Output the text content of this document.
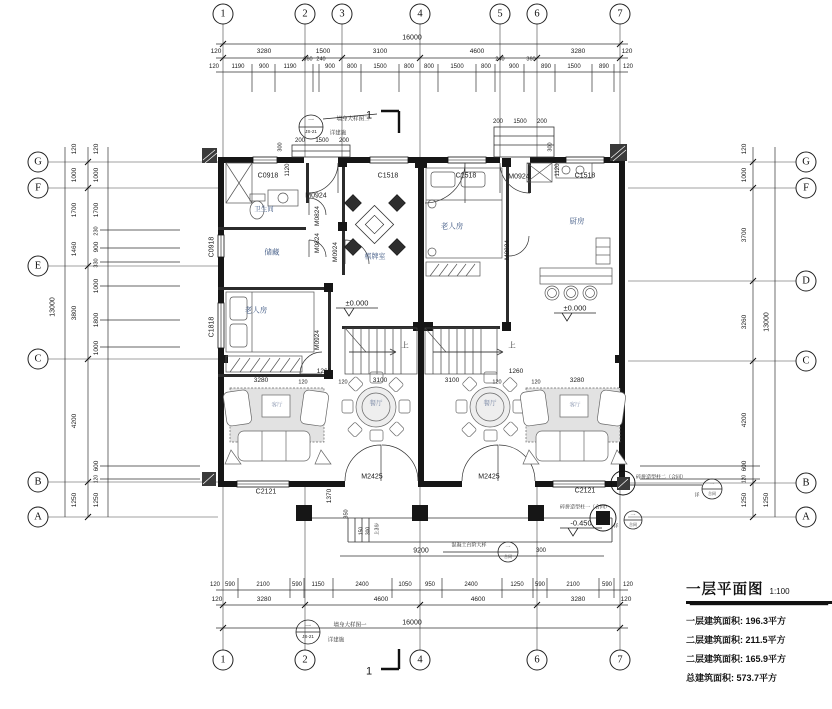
1	2	3	4	5	6	7
1	2	4	6	7
G
F
E
C
B
A
G
F
D
C
B
A
16000
120	3280	1500	3100	4600	3280	120
120 1190 900 1190
360 240
900 800	1500	800 800	1500	800
240	360
900	890	1500	890 120
9200	300
120 590	2100	590 1150	2400	1050 950	2400	1250 590	2100	590 120
120	3280	4600	4600	3280	120
16000
13000
120
1000
1700
1460
3800
4200
1250
120
1000
1700
230
900
330
1000
1800
1000
600
120
1250
120
1000
3700
3260
4200
600
120
1250
13000
1250
3280	120
1260
120	3100	3100	120
1260
120	3280
1370
350
150 300 上3步
200 1500 200
300
1120
200 1500 200
300
1120
C0918	C1518	C1518	C1518
M0924
M0924
M0824
M0824 M0924
M0924
M0924
M2425	M2425
C2121	C2121
C0918
C1818
卫生间
储藏
老人房
棋牌室
老人房
厨房
餐厅	餐厅
客厅	客厅
±0.000
±0.000
-0.450
上	上
墙身大样图二
详建施
一
JS-21
1
墙身大样图一
详建施
一
JS-21
1
碎拼造型柱二（合同）
一
合同
详
碎拼造型柱一（合同）
一
合同
详
混凝土台阶大样	一
合同
一层平面图 1:100
一层建筑面积: 196.3平方
二层建筑面积: 211.5平方
二层建筑面积: 165.9平方
总建筑面积: 573.7平方
